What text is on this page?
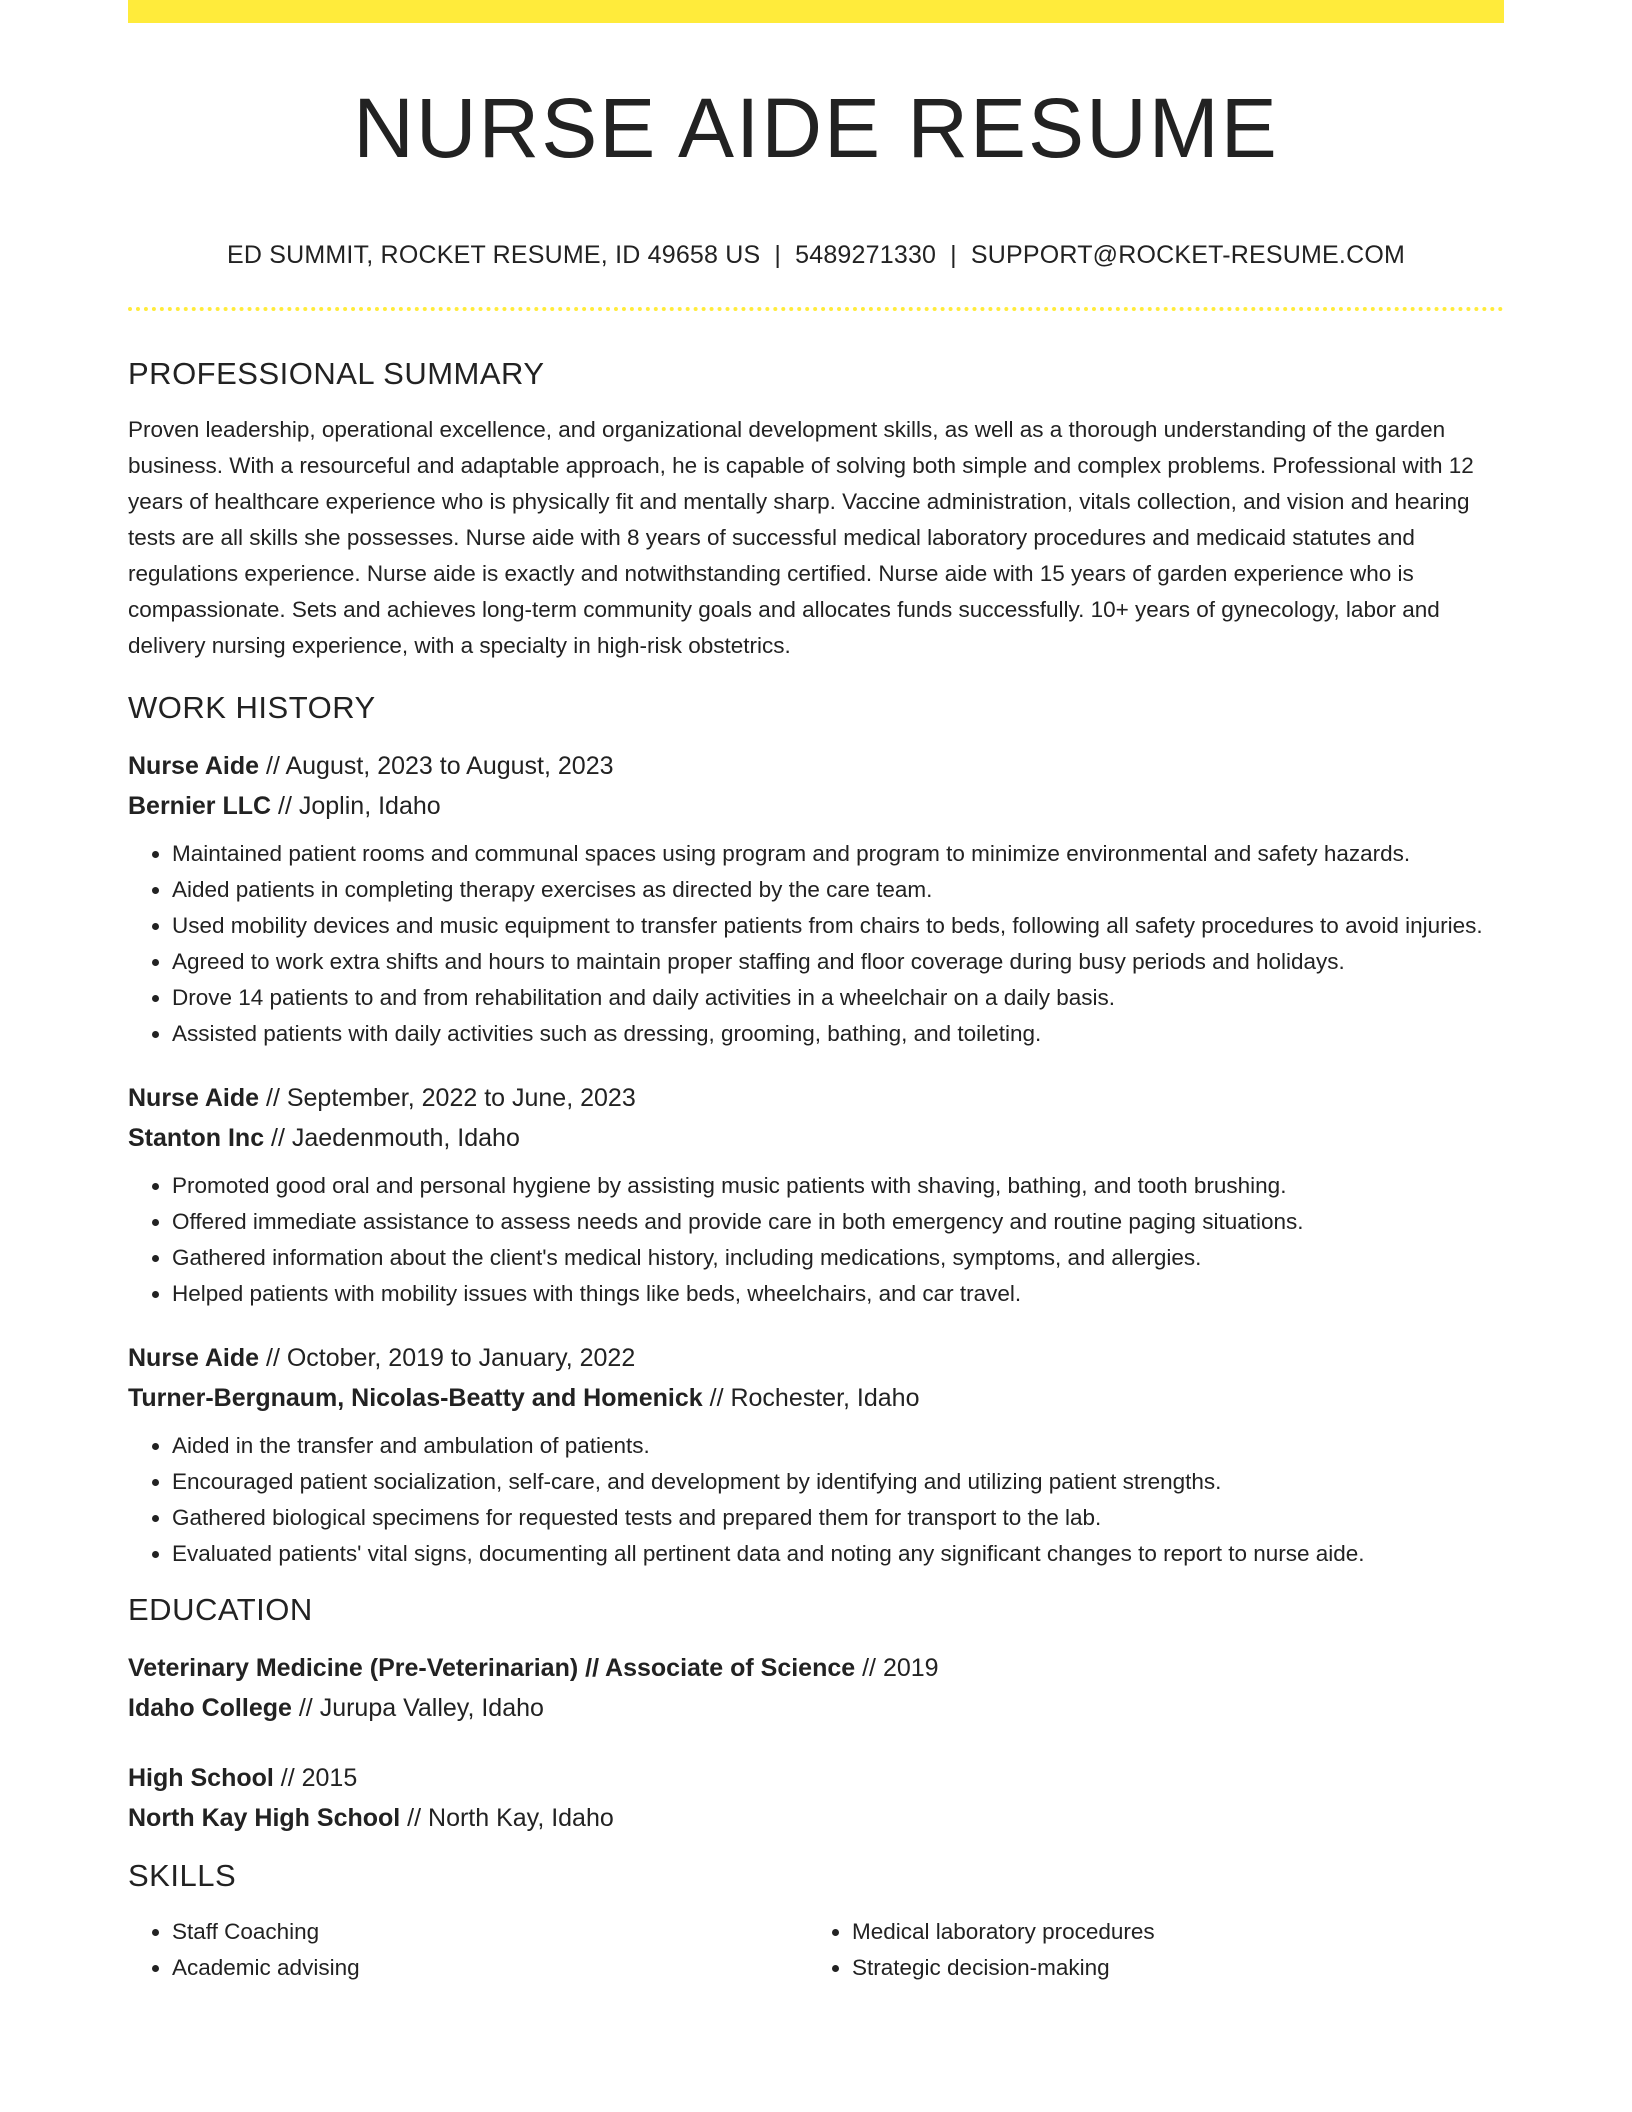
NURSE AIDE RESUME
ED SUMMIT, ROCKET RESUME, ID 49658 US | 5489271330 | SUPPORT@ROCKET-RESUME.COM
PROFESSIONAL SUMMARY

Proven leadership, operational excellence, and organizational development skills, as well as a thorough understanding of the garden business. With a resourceful and adaptable approach, he is capable of solving both simple and complex problems. Professional with 12 years of healthcare experience who is physically fit and mentally sharp. Vaccine administration, vitals collection, and vision and hearing tests are all skills she possesses. Nurse aide with 8 years of successful medical laboratory procedures and medicaid statutes and regulations experience. Nurse aide is exactly and notwithstanding certified. Nurse aide with 15 years of garden experience who is compassionate. Sets and achieves long-term community goals and allocates funds successfully. 10+ years of gynecology, labor and delivery nursing experience, with a specialty in high-risk obstetrics.

WORK HISTORY
Nurse Aide // August, 2023 to August, 2023
Bernier LLC // Joplin, Idaho
• Maintained patient rooms and communal spaces using program and program to minimize environmental and safety hazards.
• Aided patients in completing therapy exercises as directed by the care team.
• Used mobility devices and music equipment to transfer patients from chairs to beds, following all safety procedures to avoid injuries.
• Agreed to work extra shifts and hours to maintain proper staffing and floor coverage during busy periods and holidays.
• Drove 14 patients to and from rehabilitation and daily activities in a wheelchair on a daily basis.
• Assisted patients with daily activities such as dressing, grooming, bathing, and toileting.
Nurse Aide // September, 2022 to June, 2023
Stanton Inc // Jaedenmouth, Idaho
• Promoted good oral and personal hygiene by assisting music patients with shaving, bathing, and tooth brushing.
• Offered immediate assistance to assess needs and provide care in both emergency and routine paging situations.
• Gathered information about the client's medical history, including medications, symptoms, and allergies.
• Helped patients with mobility issues with things like beds, wheelchairs, and car travel.
Nurse Aide // October, 2019 to January, 2022
Turner-Bergnaum, Nicolas-Beatty and Homenick // Rochester, Idaho
• Aided in the transfer and ambulation of patients.
• Encouraged patient socialization, self-care, and development by identifying and utilizing patient strengths.
• Gathered biological specimens for requested tests and prepared them for transport to the lab.
• Evaluated patients' vital signs, documenting all pertinent data and noting any significant changes to report to nurse aide.
EDUCATION
Veterinary Medicine (Pre-Veterinarian) // Associate of Science // 2019
Idaho College // Jurupa Valley, Idaho
High School // 2015
North Kay High School // North Kay, Idaho
SKILLS
• Staff Coaching
• Academic advising
• Medical laboratory procedures
• Strategic decision-making
